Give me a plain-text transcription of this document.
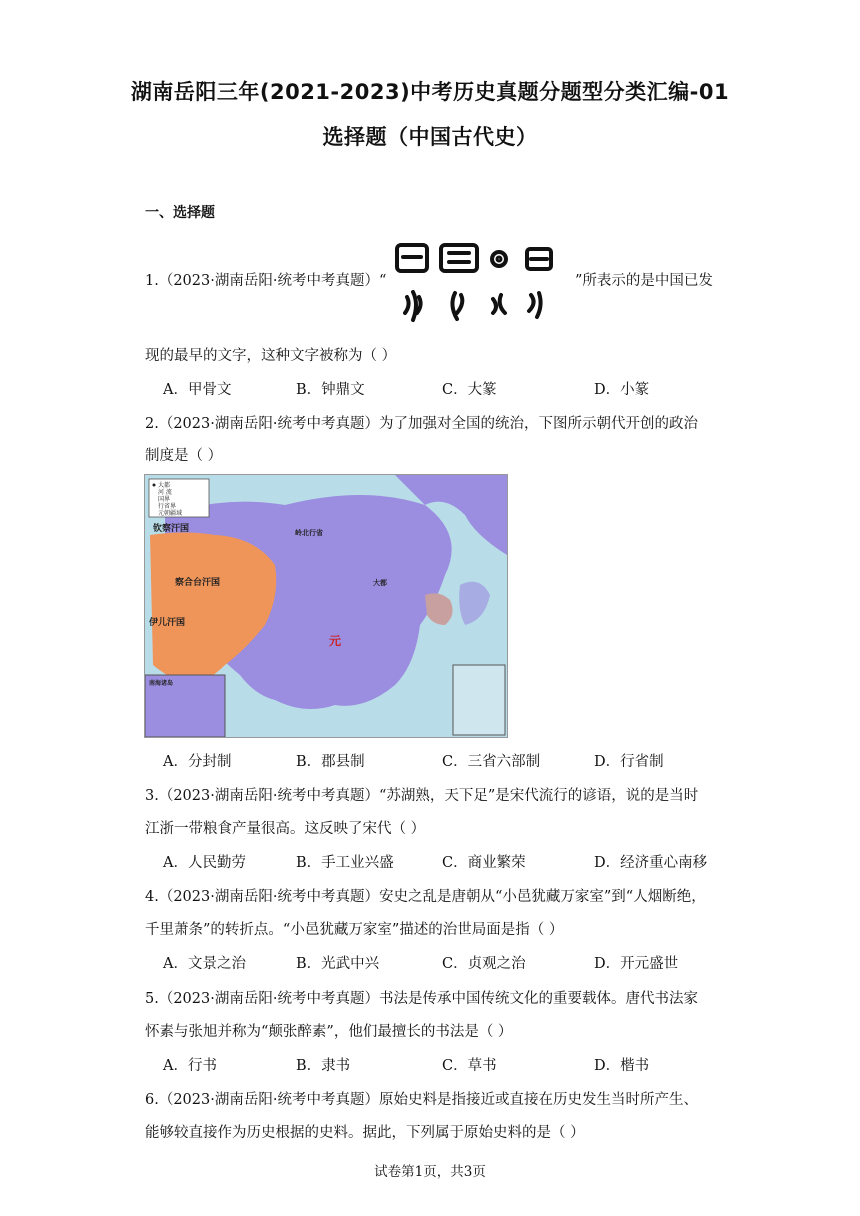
湖南岳阳三年(2021-2023)中考历史真题分题型分类汇编-01
选择题（中国古代史）
一、选择题
1.（2023·湖南岳阳·统考中考真题）“	”所表示的是中国已发
现的最早的文字，这种文字被称为（ ）
A．甲骨文	B．钟鼎文	C．大篆	D．小篆
2.（2023·湖南岳阳·统考中考真题）为了加强对全国的统治，下图所示朝代开创的政治
制度是（ ）
大都
河 流
国界
行省界
元朝疆域
钦察汗国
察合台汗国
伊儿汗国
元
大都
岭北行省
南海诸岛
A．分封制	B．郡县制	C．三省六部制	D．行省制
3.（2023·湖南岳阳·统考中考真题）“苏湖熟，天下足”是宋代流行的谚语，说的是当时
江浙一带粮食产量很高。这反映了宋代（ ）
A．人民勤劳	B．手工业兴盛	C．商业繁荣	D．经济重心南移
4.（2023·湖南岳阳·统考中考真题）安史之乱是唐朝从“小邑犹藏万家室”到“人烟断绝，
千里萧条”的转折点。“小邑犹藏万家室”描述的治世局面是指（ ）
A．文景之治	B．光武中兴	C．贞观之治	D．开元盛世
5.（2023·湖南岳阳·统考中考真题）书法是传承中国传统文化的重要载体。唐代书法家
怀素与张旭并称为“颠张醉素”，他们最擅长的书法是（ ）
A．行书	B．隶书	C．草书	D．楷书
6.（2023·湖南岳阳·统考中考真题）原始史料是指接近或直接在历史发生当时所产生、
能够较直接作为历史根据的史料。据此，下列属于原始史料的是（ ）
试卷第1页，共3页
